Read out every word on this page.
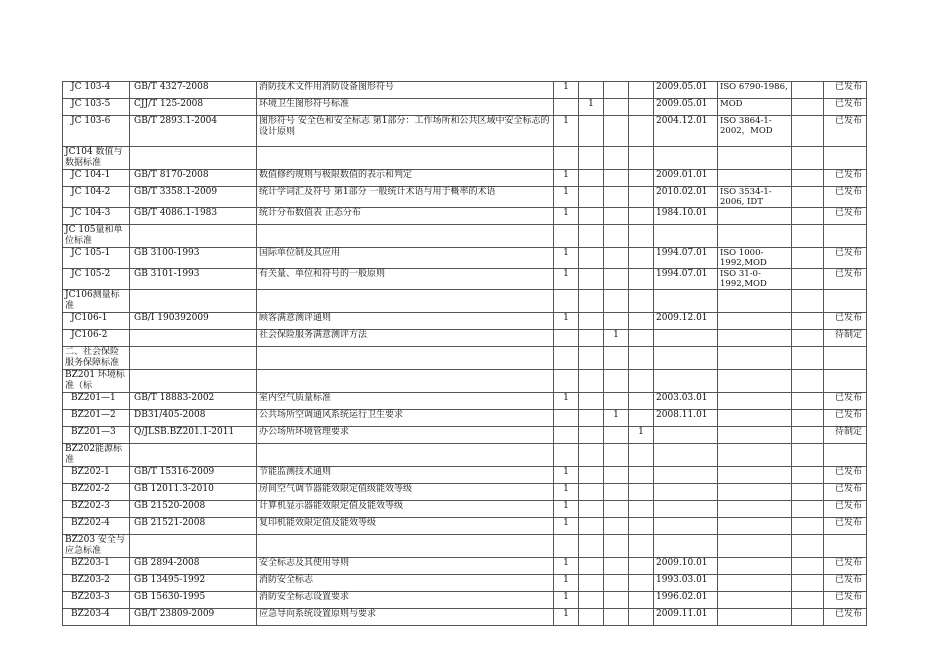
JC 103-4	GB/T 4327-2008	消防技术文件用消防设备图形符号	1				2009.05.01	ISO 6790-1986,		已发布
JC 103-5	CJJ/T 125-2008	环境卫生图形符号标准		1			2009.05.01	MOD		已发布
JC 103-6	GB/T 2893.1-2004	图形符号 安全色和安全标志 第1部分：工作场所和公共区域中安全标志的设计原则	1				2004.12.01	ISO 3864-1-2002，MOD		已发布
JC104 数值与数据标准										
JC 104-1	GB/T 8170-2008	数值修约规则与极限数值的表示和判定	1				2009.01.01			已发布
JC 104-2	GB/T 3358.1-2009	统计学词汇及符号 第1部分 一般统计术语与用于概率的术语	1				2010.02.01	ISO 3534-1-2006, IDT		已发布
JC 104-3	GB/T 4086.1-1983	统计分布数值表 正态分布	1				1984.10.01			已发布
JC 105量和单位标准										
JC 105-1	GB 3100-1993	国际单位制及其应用	1				1994.07.01	ISO 1000-1992,MOD		已发布
JC 105-2	GB 3101-1993	有关量、单位和符号的一般原则	1				1994.07.01	ISO 31-0-1992,MOD		已发布
JC106测量标准										
JC106-1	GB/I 190392009	顾客满意测评通则	1				2009.12.01			已发布
JC106-2		社会保险服务满意测评方法			1					待制定
二、社会保险服务保障标准										
BZ201 环境标准（标										
BZ201—1	GB/T 18883-2002	室内空气质量标准	1				2003.03.01			已发布
BZ201—2	DB31/405-2008	公共场所空调通风系统运行卫生要求			1		2008.11.01			已发布
BZ201—3	Q/JLSB.BZ201.1-2011	办公场所环境管理要求				1				待制定
BZ202能源标准										
BZ202-1	GB/T 15316-2009	节能监测技术通则	1							已发布
BZ202-2	GB 12011.3-2010	房间空气调节器能效限定值级能效等级	1							已发布
BZ202-3	GB 21520-2008	计算机显示器能效限定值及能效等级	1							已发布
BZ202-4	GB 21521-2008	复印机能效限定值及能效等级	1							已发布
BZ203 安全与应急标准										
BZ203-1	GB 2894-2008	安全标志及其使用导则	1				2009.10.01			已发布
BZ203-2	GB 13495-1992	消防安全标志	1				1993.03.01			已发布
BZ203-3	GB 15630-1995	消防安全标志设置要求	1				1996.02.01			已发布
BZ203-4	GB/T 23809-2009	应急导向系统设置原则与要求	1				2009.11.01			已发布
